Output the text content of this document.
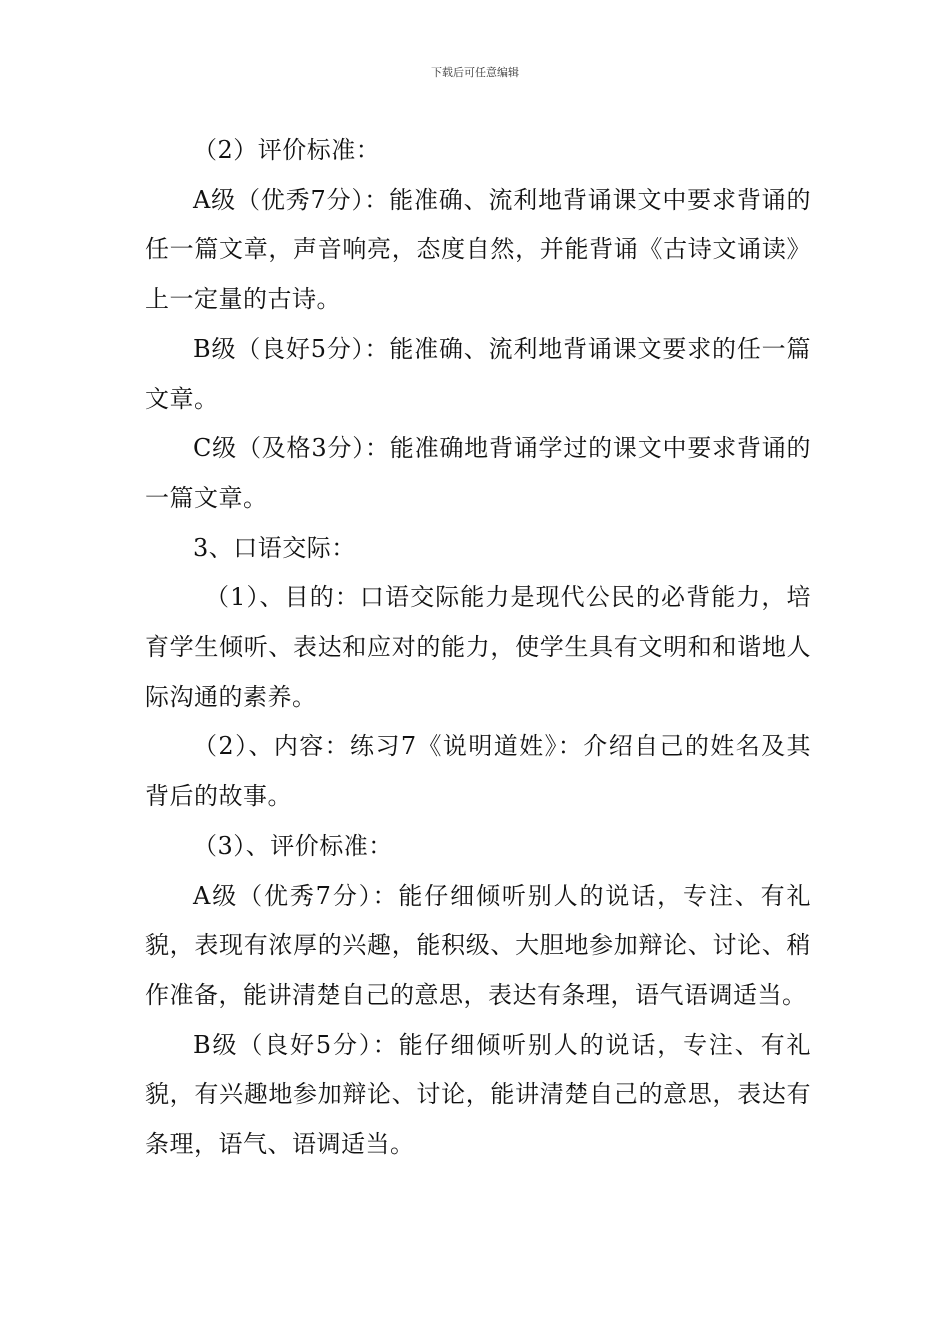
下载后可任意编辑

（2）评价标准：

A级（优秀7分）：能准确、流利地背诵课文中要求背诵的任一篇文章，声音响亮，态度自然，并能背诵《古诗文诵读》上一定量的古诗。

B级（良好5分）：能准确、流利地背诵课文要求的任一篇文章。

C级（及格3分）：能准确地背诵学过的课文中要求背诵的一篇文章。

3、口语交际：

（1）、目的：口语交际能力是现代公民的必背能力，培育学生倾听、表达和应对的能力，使学生具有文明和和谐地人际沟通的素养。

（2）、内容：练习7《说明道姓》：介绍自己的姓名及其背后的故事。

（3）、评价标准：

A级（优秀7分）：能仔细倾听别人的说话，专注、有礼貌，表现有浓厚的兴趣，能积级、大胆地参加辩论、讨论、稍作准备，能讲清楚自己的意思，表达有条理，语气语调适当。

B级（良好5分）：能仔细倾听别人的说话，专注、有礼貌，有兴趣地参加辩论、讨论，能讲清楚自己的意思，表达有条理，语气、语调适当。
